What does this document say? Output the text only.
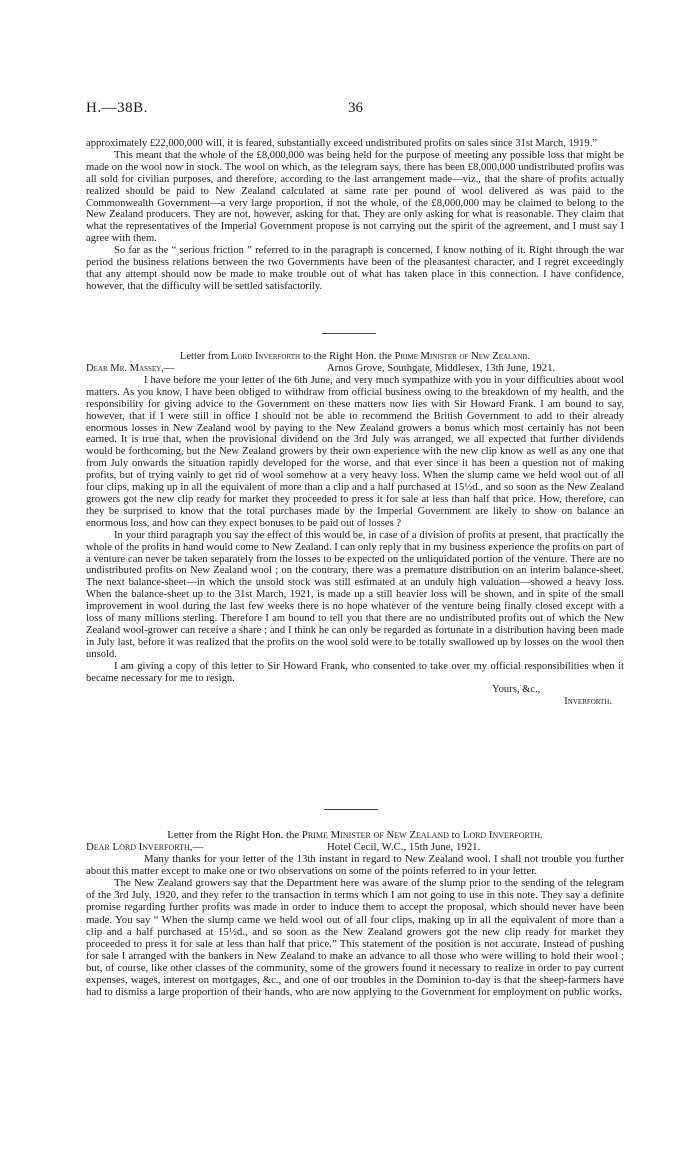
H.—38B.	36

approximately £22,000,000 will, it is feared, substantially exceed undistributed profits on sales since 31st March, 1919.”

This meant that the whole of the £8,000,000 was being held for the purpose of meeting any possible loss that might be made on the wool now in stock. The wool on which, as the telegram says, there has been £8,000,000 undistributed profits was all sold for civilian purposes, and therefore, according to the last arrangement made—viz., that the share of profits actually realized should be paid to New Zealand calculated at same rate per pound of wool delivered as was paid to the Commonwealth Government—a very large proportion, if not the whole, of the £8,000,000 may be claimed to belong to the New Zealand producers. They are not, however, asking for that. They are only asking for what is reasonable. They claim that what the representatives of the Imperial Government propose is not carrying out the spirit of the agreement, and I must say I agree with them.

So far as the “ serious friction ” referred to in the paragraph is concerned, I know nothing of it. Right through the war period the business relations between the two Governments have been of the pleasantest character, and I regret exceedingly that any attempt should now be made to make trouble out of what has taken place in this connection. I have confidence, however, that the difficulty will be settled satisfactorily.

Letter from Lord Inverforth to the Right Hon. the Prime Minister of New Zealand.

Dear Mr. Massey,—	Arnos Grove, Southgate, Middlesex, 13th June, 1921.

I have before me your letter of the 6th June, and very much sympathize with you in your difficulties about wool matters. As you know, I have been obliged to withdraw from official business owing to the breakdown of my health, and the responsibility for giving advice to the Government on these matters now lies with Sir Howard Frank. I am bound to say, however, that if I were still in office I should not be able to recommend the British Government to add to their already enormous losses in New Zealand wool by paying to the New Zealand growers a bonus which most certainly has not been earned. It is true that, when the provisional dividend on the 3rd July was arranged, we all expected that further dividends would be forthcoming, but the New Zealand growers by their own experience with the new clip know as well as any one that from July onwards the situation rapidly developed for the worse, and that ever since it has been a question not of making profits, but of trying vainly to get rid of wool somehow at a very heavy loss. When the slump came we held wool out of all four clips, making up in all the equivalent of more than a clip and a half purchased at 15½d., and so soon as the New Zealand growers got the new clip ready for market they proceeded to press it for sale at less than half that price. How, therefore, can they be surprised to know that the total purchases made by the Imperial Government are likely to show on balance an enormous loss, and how can they expect bonuses to be paid out of losses ?

In your third paragraph you say the effect of this would be, in case of a division of profits at present, that practically the whole of the profits in hand would come to New Zealand. I can only reply that in my business experience the profits on part of a venture can never be taken separately from the losses to be expected on the unliquidated portion of the venture. There are no undistributed profits on New Zealand wool ; on the contrary, there was a premature distribution on an interim balance-sheet. The next balance-sheet—in which the unsold stock was still estimated at an unduly high valuation—showed a heavy loss. When the balance-sheet up to the 31st March, 1921, is made up a still heavier loss will be shown, and in spite of the small improvement in wool during the last few weeks there is no hope whatever of the venture being finally closed except with a loss of many millions sterling. Therefore I am bound to tell you that there are no undistributed profits out of which the New Zealand wool-grower can receive a share ; and I think he can only be regarded as fortunate in a distribution having been made in July last, before it was realized that the profits on the wool sold were to be totally swallowed up by losses on the wool then unsold.

I am giving a copy of this letter to Sir Howard Frank, who consented to take over my official responsibilities when it became necessary for me to resign.

Yours, &c.,

Inverforth.

Letter from the Right Hon. the Prime Minister of New Zealand to Lord Inverforth.

Dear Lord Inverforth,—	Hotel Cecil, W.C., 15th June, 1921.

Many thanks for your letter of the 13th instant in regard to New Zealand wool. I shall not trouble you further about this matter except to make one or two observations on some of the points referred to in your letter.

The New Zealand growers say that the Department here was aware of the slump prior to the sending of the telegram of the 3rd July, 1920, and they refer to the transaction in terms which I am not going to use in this note. They say a definite promise regarding further profits was made in order to induce them to accept the proposal, which should never have been made. You say “ When the slump came we held wool out of all four clips, making up in all the equivalent of more than a clip and a half purchased at 15½d., and so soon as the New Zealand growers got the new clip ready for market they proceeded to press it for sale at less than half that price.” This statement of the position is not accurate. Instead of pushing for sale I arranged with the bankers in New Zealand to make an advance to all those who were willing to hold their wool ; but, of course, like other classes of the community, some of the growers found it necessary to realize in order to pay current expenses, wages, interest on mortgages, &c., and one of our troubles in the Dominion to-day is that the sheep-farmers have had to dismiss a large proportion of their hands, who are now applying to the Government for employment on public works.
